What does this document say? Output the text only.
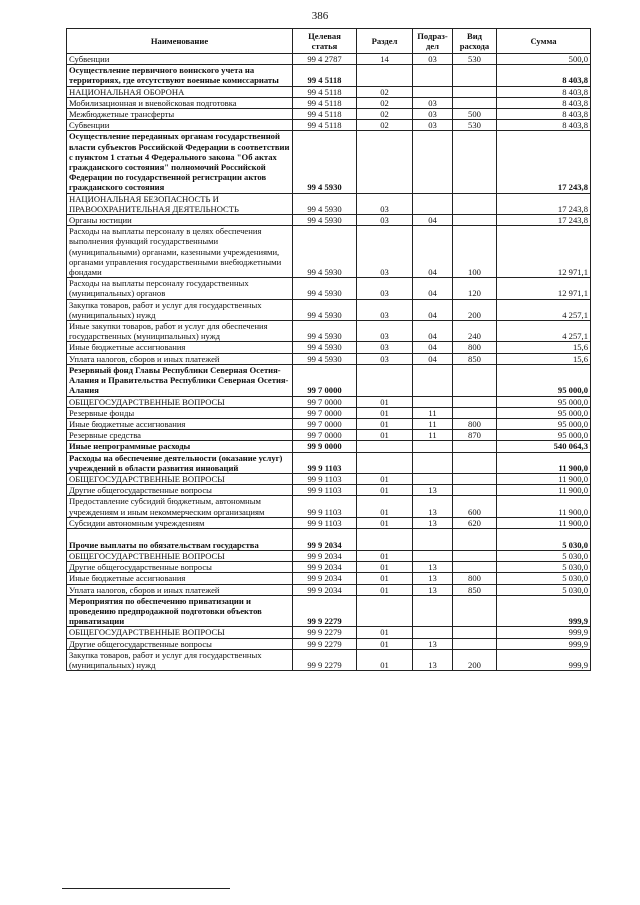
386
Наименование	Целевая статья	Раздел	Подраз-дел	Вид расхода	Сумма
Субвенции	99 4 2787	14	03	530	500,0
Осуществление первичного воинского учета на территориях, где отсутствуют военные комиссариаты	99 4 5118				8 403,8
НАЦИОНАЛЬНАЯ ОБОРОНА	99 4 5118	02			8 403,8
Мобилизационная и вневойсковая подготовка	99 4 5118	02	03		8 403,8
Межбюджетные трансферты	99 4 5118	02	03	500	8 403,8
Субвенции	99 4 5118	02	03	530	8 403,8
Осуществление переданных органам государственной власти субъектов Российской Федерации в соответствии с пунктом 1 статьи 4 Федерального закона "Об актах гражданского состояния" полномочий Российской Федерации по государственной регистрации актов гражданского состояния	99 4 5930				17 243,8
НАЦИОНАЛЬНАЯ БЕЗОПАСНОСТЬ И ПРАВООХРАНИТЕЛЬНАЯ ДЕЯТЕЛЬНОСТЬ	99 4 5930	03			17 243,8
Органы юстиции	99 4 5930	03	04		17 243,8
Расходы на выплаты персоналу в целях обеспечения выполнения функций государственными (муниципальными) органами, казенными учреждениями, органами управления государственными внебюджетными фондами	99 4 5930	03	04	100	12 971,1
Расходы на выплаты персоналу государственных (муниципальных) органов	99 4 5930	03	04	120	12 971,1
Закупка товаров, работ и услуг для государственных (муниципальных) нужд	99 4 5930	03	04	200	4 257,1
Иные закупки товаров, работ и услуг для обеспечения государственных (муниципальных) нужд	99 4 5930	03	04	240	4 257,1
Иные бюджетные ассигнования	99 4 5930	03	04	800	15,6
Уплата налогов, сборов и иных платежей	99 4 5930	03	04	850	15,6
Резервный фонд Главы Республики Северная Осетия-Алания и Правительства Республики Северная Осетия-Алания	99 7 0000				95 000,0
ОБЩЕГОСУДАРСТВЕННЫЕ ВОПРОСЫ	99 7 0000	01			95 000,0
Резервные фонды	99 7 0000	01	11		95 000,0
Иные бюджетные ассигнования	99 7 0000	01	11	800	95 000,0
Резервные средства	99 7 0000	01	11	870	95 000,0
Иные непрограммные расходы	99 9 0000				540 064,3
Расходы на обеспечение деятельности (оказание услуг) учреждений в области развития инноваций	99 9 1103				11 900,0
ОБЩЕГОСУДАРСТВЕННЫЕ ВОПРОСЫ	99 9 1103	01			11 900,0
Другие общегосударственные вопросы	99 9 1103	01	13		11 900,0
Предоставление субсидий бюджетным, автономным учреждениям и иным некоммерческим организациям	99 9 1103	01	13	600	11 900,0
Субсидии автономным учреждениям	99 9 1103	01	13	620	11 900,0
Прочие выплаты по обязательствам государства	99 9 2034				5 030,0
ОБЩЕГОСУДАРСТВЕННЫЕ ВОПРОСЫ	99 9 2034	01			5 030,0
Другие общегосударственные вопросы	99 9 2034	01	13		5 030,0
Иные бюджетные ассигнования	99 9 2034	01	13	800	5 030,0
Уплата налогов, сборов и иных платежей	99 9 2034	01	13	850	5 030,0
Мероприятия по обеспечению приватизации и проведению предпродажной подготовки объектов приватизации	99 9 2279				999,9
ОБЩЕГОСУДАРСТВЕННЫЕ ВОПРОСЫ	99 9 2279	01			999,9
Другие общегосударственные вопросы	99 9 2279	01	13		999,9
Закупка товаров, работ и услуг для государственных (муниципальных) нужд	99 9 2279	01	13	200	999,9
